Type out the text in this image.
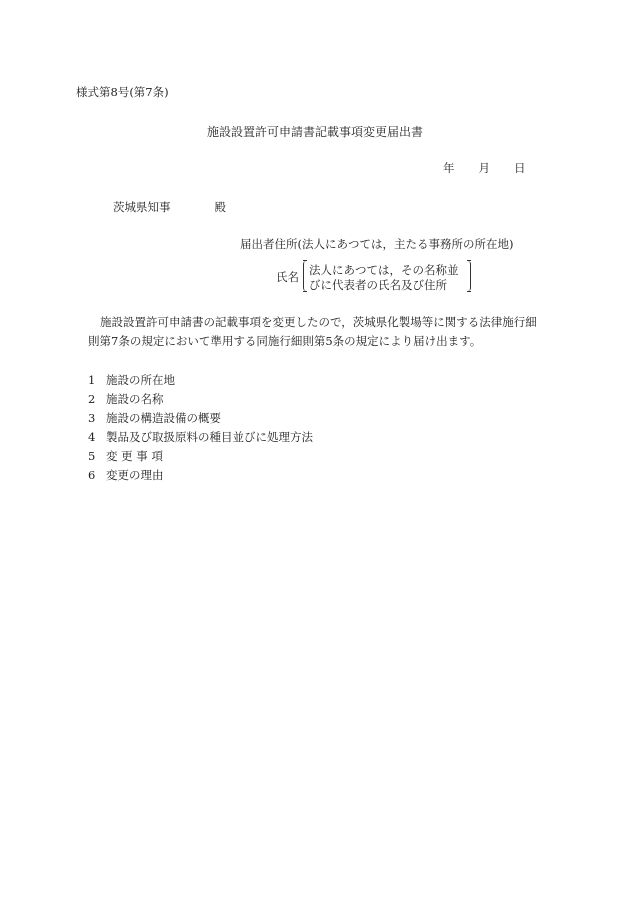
様式第8号(第7条)
施設設置許可申請書記載事項変更届出書
年 月 日
茨城県知事	殿
届出者住所(法人にあつては，主たる事務所の所在地)
氏名 法人にあつては，その名称並
びに代表者の氏名及び住所
施設設置許可申請書の記載事項を変更したので，茨城県化製場等に関する法律施行細
則第7条の規定において準用する同施行細則第5条の規定により届け出ます。
1 施設の所在地
2 施設の名称
3 施設の構造設備の概要
4 製品及び取扱原料の種目並びに処理方法
5 変 更 事 項
6 変更の理由
